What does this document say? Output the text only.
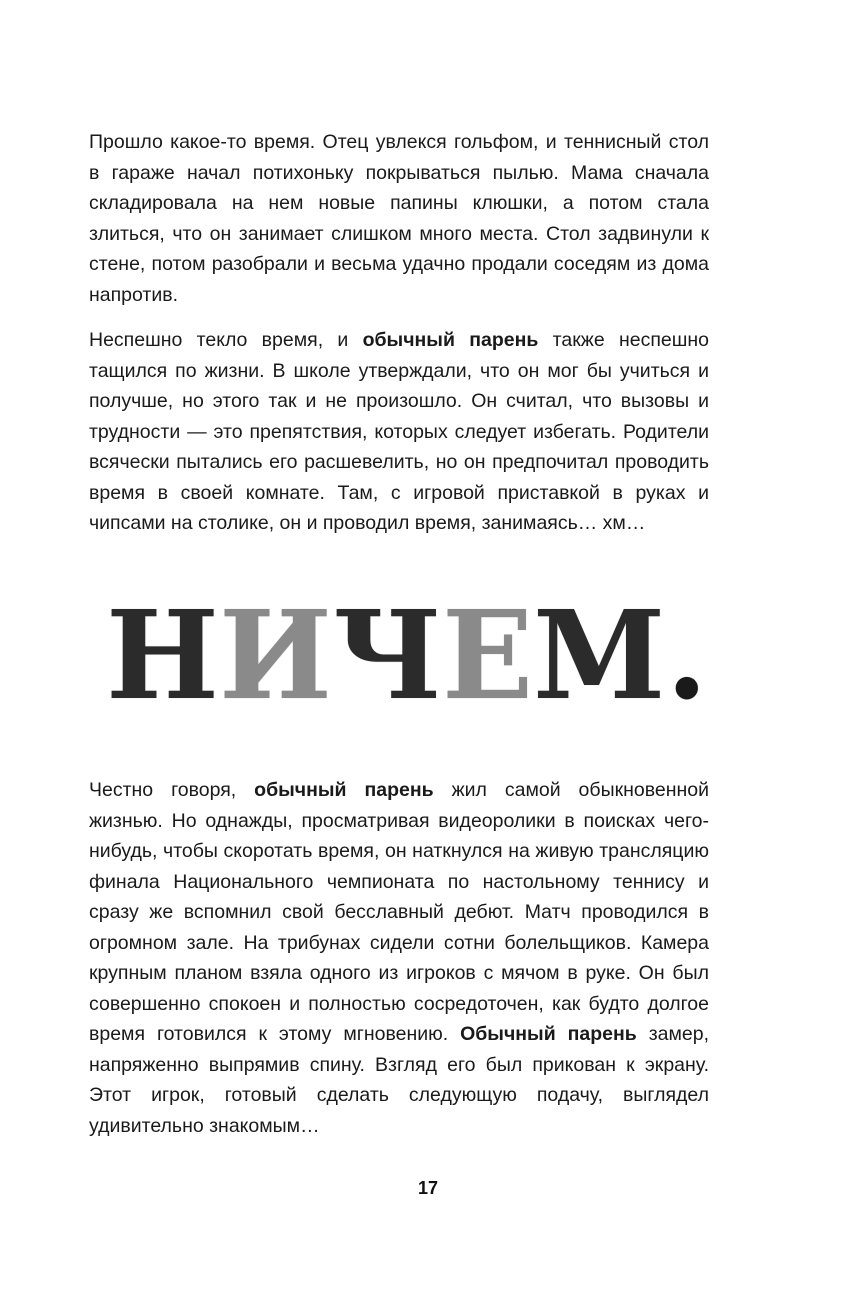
Прошло какое-то время. Отец увлекся гольфом, и теннисный стол в гараже начал потихоньку покрываться пылью. Мама сначала складировала на нем новые папины клюшки, а потом стала злиться, что он занимает слишком много места. Стол задвинули к стене, потом разобрали и весьма удачно продали соседям из дома напротив.

Неспешно текло время, и обычный парень также неспешно тащился по жизни. В школе утверждали, что он мог бы учиться и получше, но этого так и не произошло. Он считал, что вызовы и трудности — это препятствия, которых следует избегать. Родители всячески пытались его расшевелить, но он предпочитал проводить время в своей комнате. Там, с игровой приставкой в руках и чипсами на столике, он и проводил время, занимаясь… хм…

НИЧЕМ.

Честно говоря, обычный парень жил самой обыкновенной жизнью. Но однажды, просматривая видеоролики в поисках чего-нибудь, чтобы скоротать время, он наткнулся на живую трансляцию финала Национального чемпионата по настольному теннису и сразу же вспомнил свой бесславный дебют. Матч проводился в огромном зале. На трибунах сидели сотни болельщиков. Камера крупным планом взяла одного из игроков с мячом в руке. Он был совершенно спокоен и полностью сосредоточен, как будто долгое время готовился к этому мгновению. Обычный парень замер, напряженно выпрямив спину. Взгляд его был прикован к экрану. Этот игрок, готовый сделать следующую подачу, выглядел удивительно знакомым…

17
